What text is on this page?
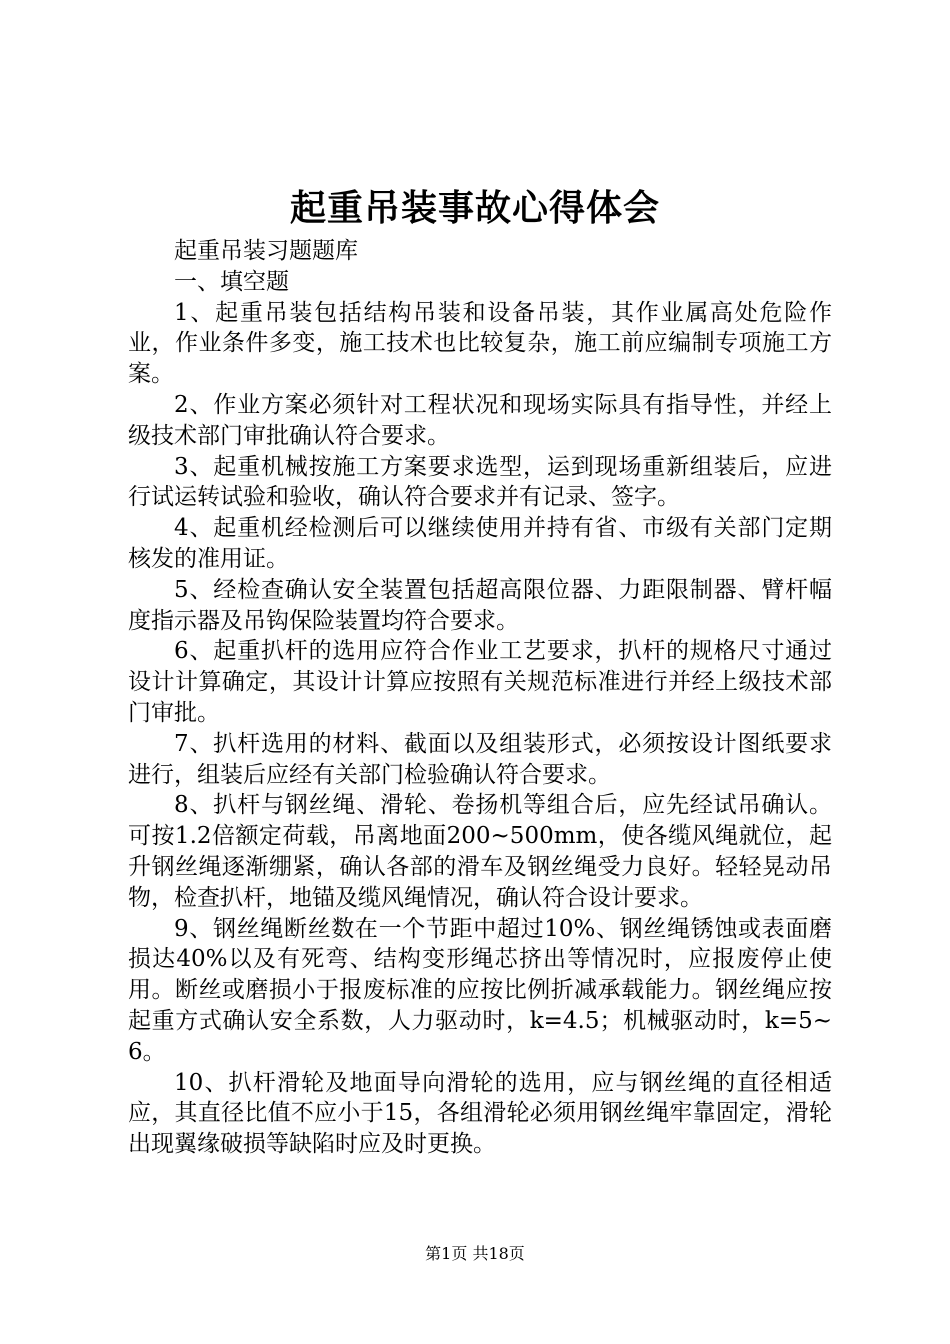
起重吊装事故心得体会

起重吊装习题题库

一、填空题

1、起重吊装包括结构吊装和设备吊装，其作业属高处危险作业，作业条件多变，施工技术也比较复杂，施工前应编制专项施工方案。

2、作业方案必须针对工程状况和现场实际具有指导性，并经上级技术部门审批确认符合要求。

3、起重机械按施工方案要求选型，运到现场重新组装后，应进行试运转试验和验收，确认符合要求并有记录、签字。

4、起重机经检测后可以继续使用并持有省、市级有关部门定期核发的准用证。

5、经检查确认安全装置包括超高限位器、力距限制器、臂杆幅度指示器及吊钩保险装置均符合要求。

6、起重扒杆的选用应符合作业工艺要求，扒杆的规格尺寸通过设计计算确定，其设计计算应按照有关规范标准进行并经上级技术部门审批。

7、扒杆选用的材料、截面以及组装形式，必须按设计图纸要求进行，组装后应经有关部门检验确认符合要求。

8、扒杆与钢丝绳、滑轮、卷扬机等组合后，应先经试吊确认。可按1.2倍额定荷载，吊离地面200~500mm，使各缆风绳就位，起升钢丝绳逐渐绷紧，确认各部的滑车及钢丝绳受力良好。轻轻晃动吊物，检查扒杆，地锚及缆风绳情况，确认符合设计要求。

9、钢丝绳断丝数在一个节距中超过10%、钢丝绳锈蚀或表面磨损达40%以及有死弯、结构变形绳芯挤出等情况时，应报废停止使用。断丝或磨损小于报废标准的应按比例折减承载能力。钢丝绳应按起重方式确认安全系数，人力驱动时，k=4.5；机械驱动时，k=5~6。

10、扒杆滑轮及地面导向滑轮的选用，应与钢丝绳的直径相适应，其直径比值不应小于15，各组滑轮必须用钢丝绳牢靠固定，滑轮出现翼缘破损等缺陷时应及时更换。

第1页 共18页
